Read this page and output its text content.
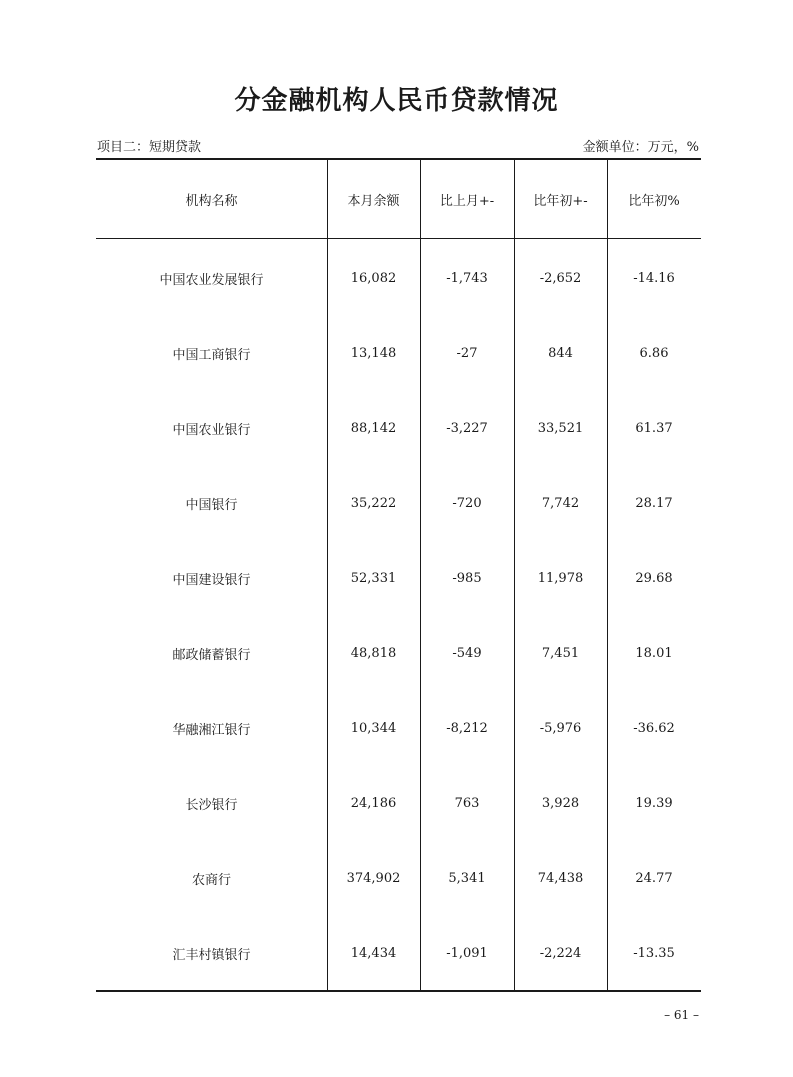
分金融机构人民币贷款情况
项目二：短期贷款	金额单位：万元，%
机构名称	本月余额	比上月+-	比年初+-	比年初%
中国农业发展银行	16,082	-1,743	-2,652	-14.16
中国工商银行	13,148	-27	844	6.86
中国农业银行	88,142	-3,227	33,521	61.37
中国银行	35,222	-720	7,742	28.17
中国建设银行	52,331	-985	11,978	29.68
邮政储蓄银行	48,818	-549	7,451	18.01
华融湘江银行	10,344	-8,212	-5,976	-36.62
长沙银行	24,186	763	3,928	19.39
农商行	374,902	5,341	74,438	24.77
汇丰村镇银行	14,434	-1,091	-2,224	-13.35
– 61 –
